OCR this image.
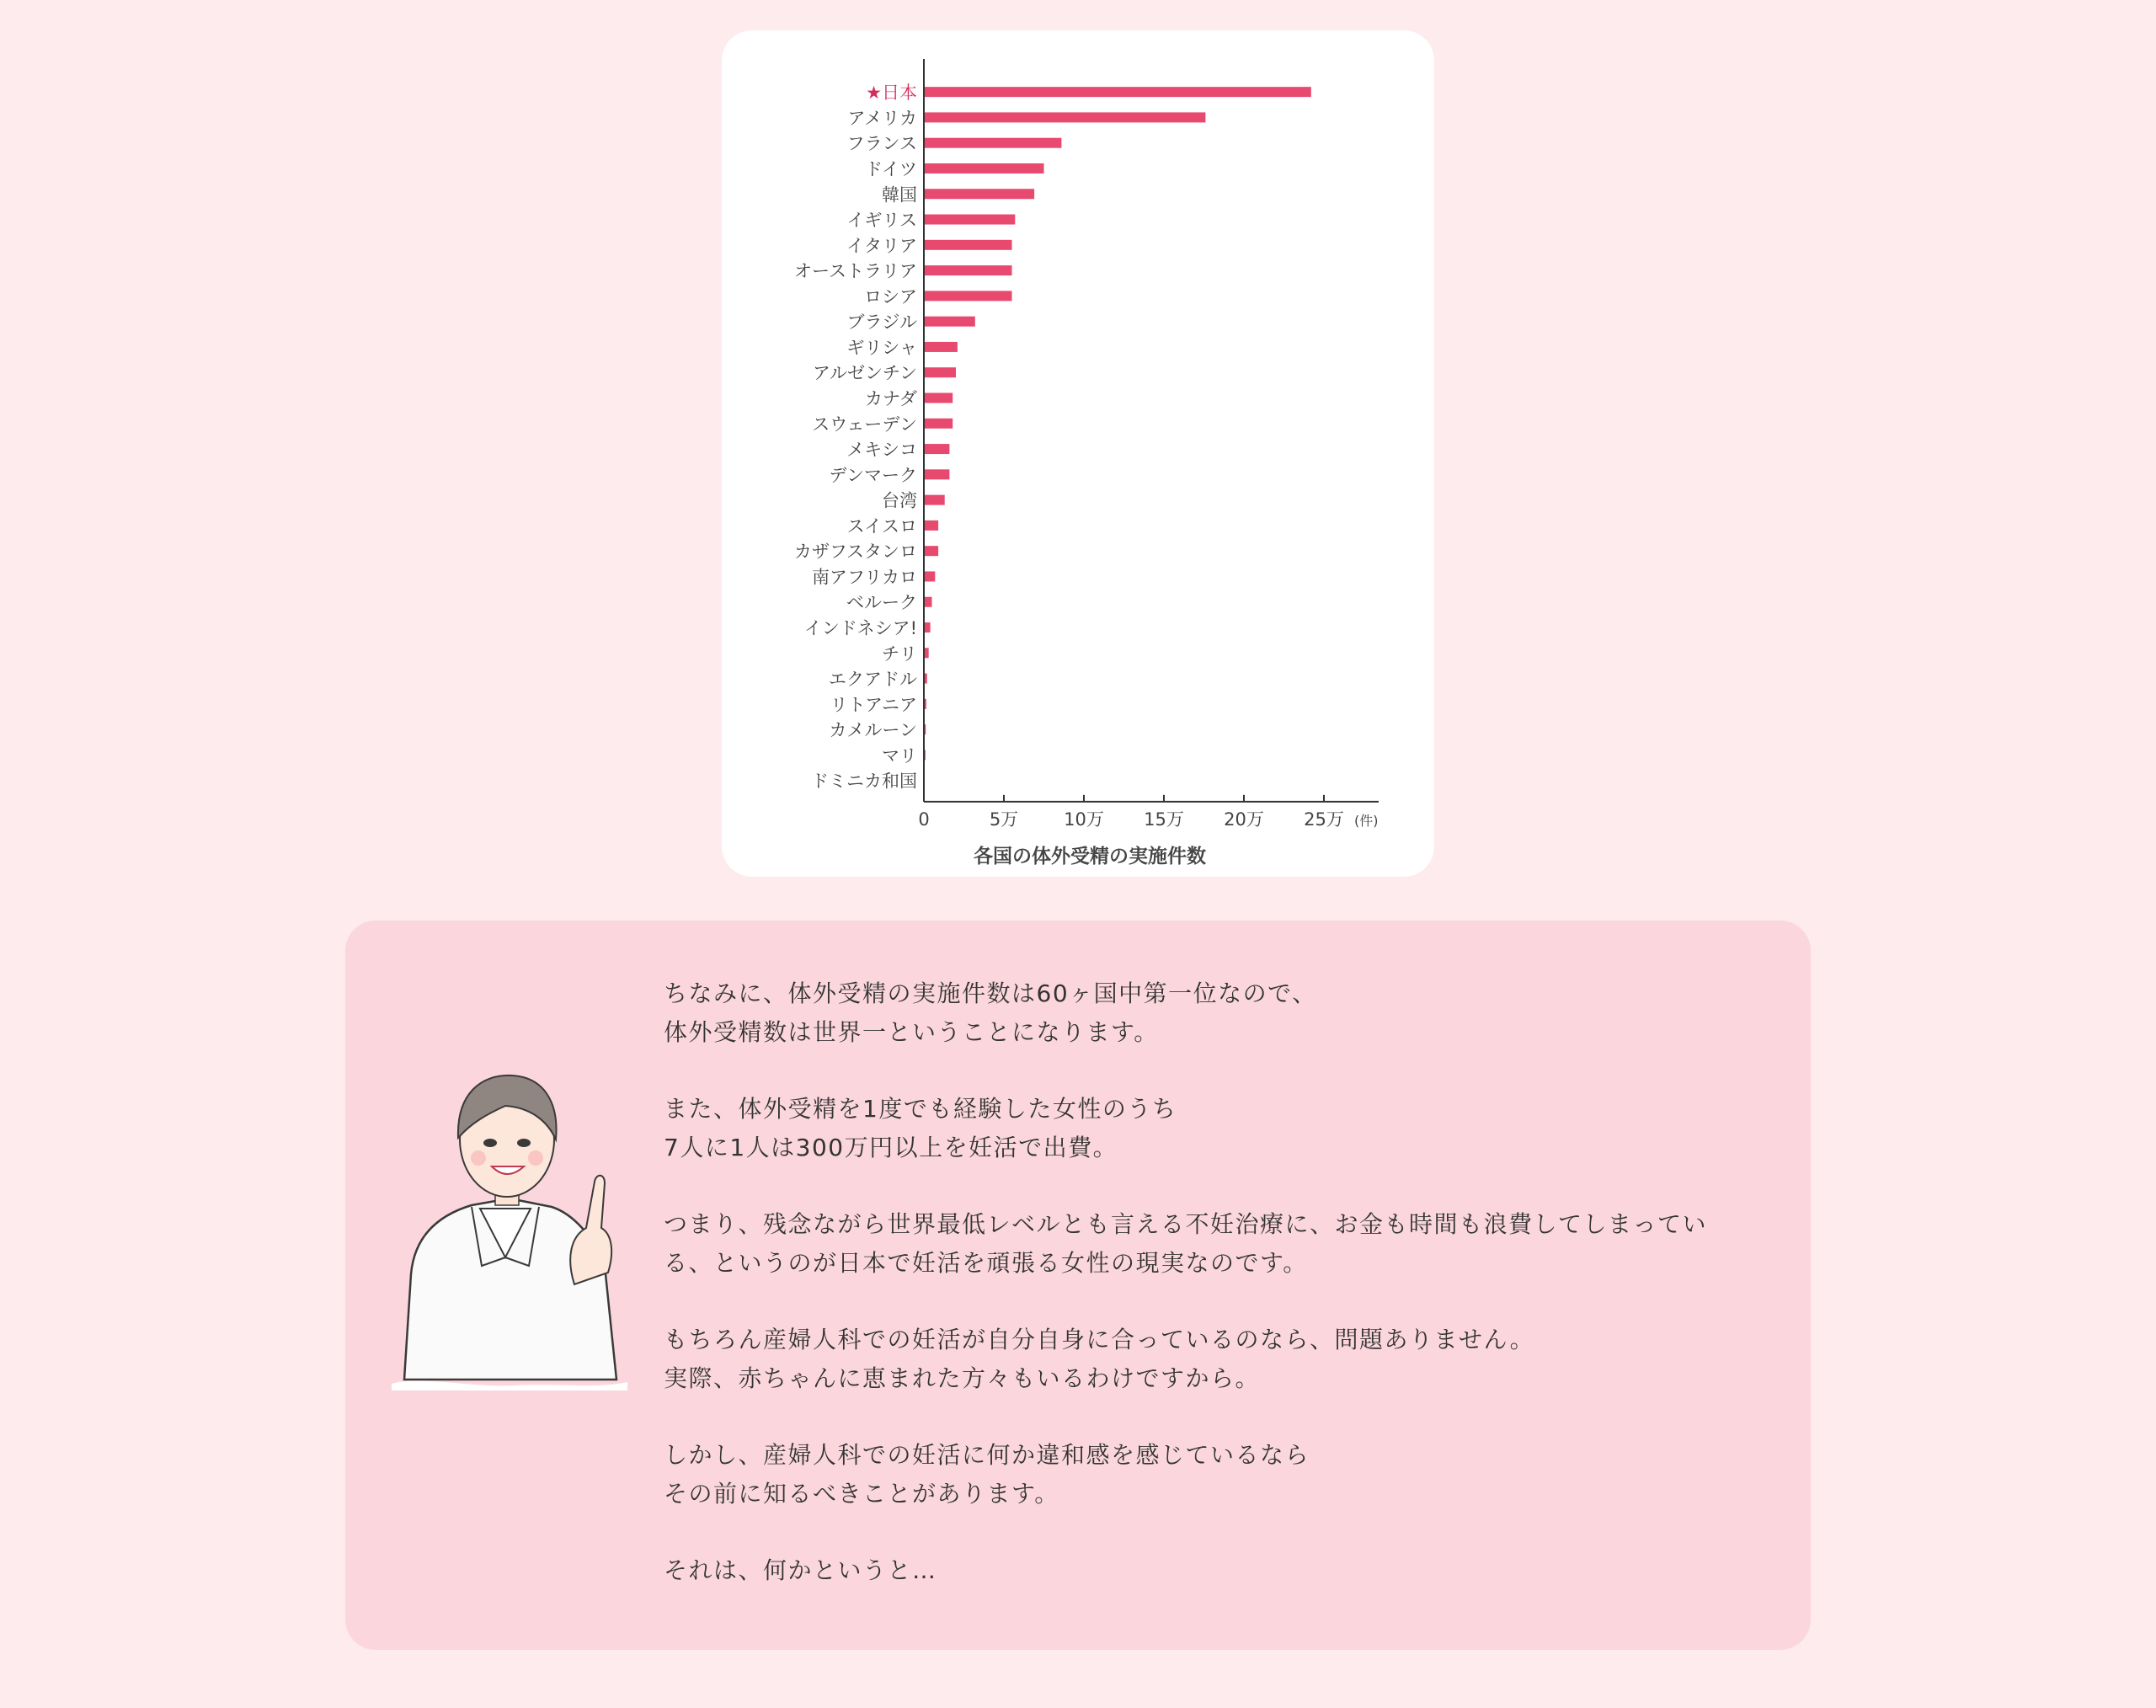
★日本
アメリカ
フランス
ドイツ
韓国
イギリス
イタリア
オーストラリア
ロシア
ブラジル
ギリシャ
アルゼンチン
カナダ
スウェーデン
メキシコ
デンマーク
台湾
スイスロ
カザフスタンロ
南アフリカロ
ベルーク
インドネシア!
チリ
エクアドル
リトアニア
カメルーン
マリ
ドミニカ和国
0	5万	10万 15万 20万 25万 (件)
各国の体外受精の実施件数

ちなみに、体外受精の実施件数は60ヶ国中第一位なので、
体外受精数は世界一ということになります。

また、体外受精を1度でも経験した女性のうち
7人に1人は300万円以上を妊活で出費。

つまり、残念ながら世界最低レベルとも言える不妊治療に、お金も時間も浪費してしまってい
る、というのが日本で妊活を頑張る女性の現実なのです。

もちろん産婦人科での妊活が自分自身に合っているのなら、問題ありません。
実際、赤ちゃんに恵まれた方々もいるわけですから。

しかし、産婦人科での妊活に何か違和感を感じているなら
その前に知るべきことがあります。

それは、何かというと…
